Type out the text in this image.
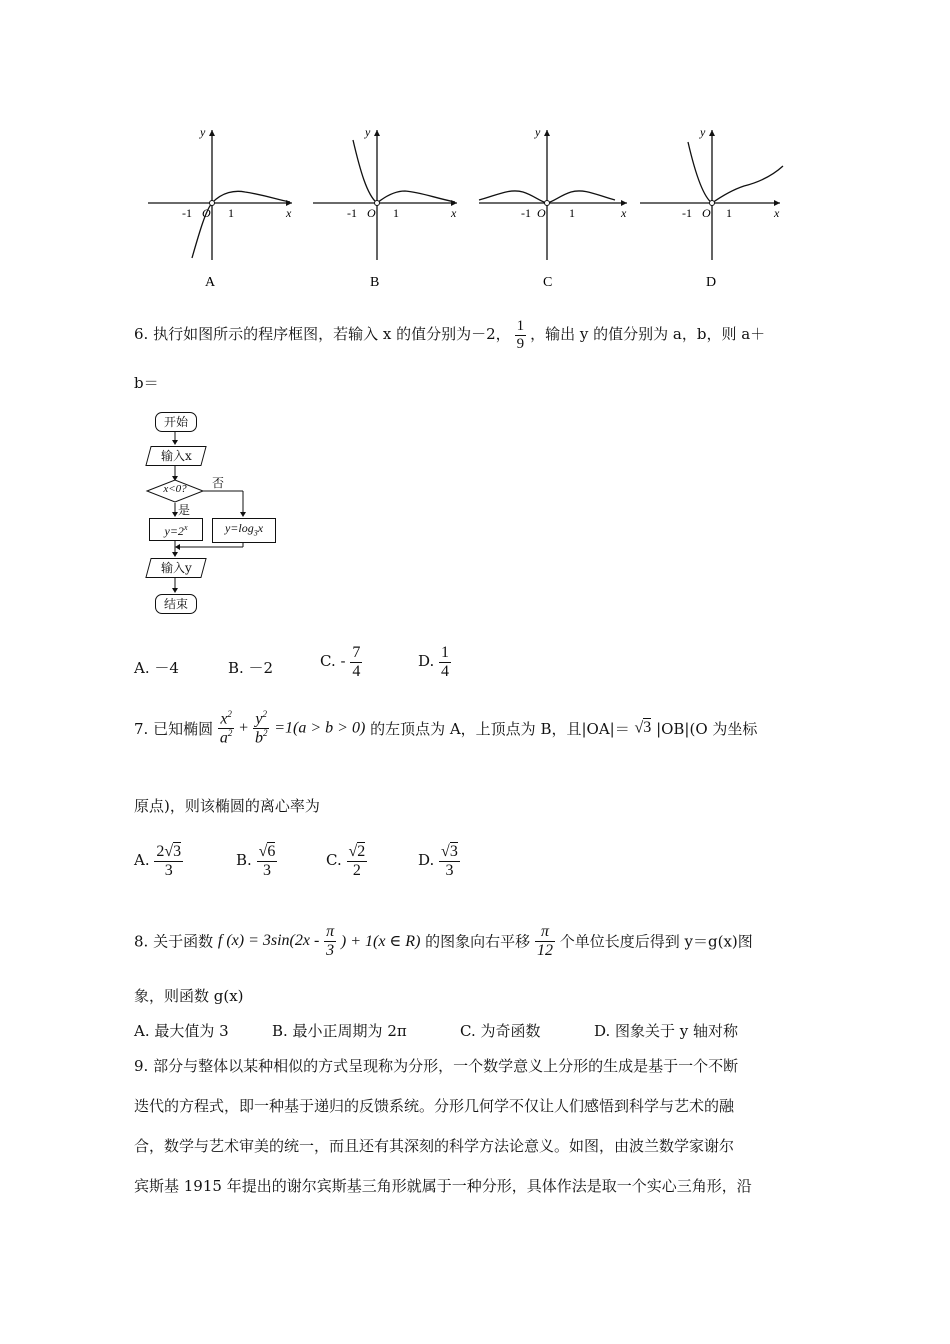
y
x
-1 O 1
A
y
x
-1 O 1
B
y
x
-1 O 1
C
y
x
-1 O 1
D
6. 执行如图所示的程序框图，若输入 x 的值分别为－2， $\frac{1}{9}$ ，输出 y 的值分别为 a，b，则 a＋
b＝
开始
输入x
x<0?	否
是
$y=2^x$	$y=\log_3x$
输入y
结束
A. －4	B. －2	C. - $\frac{7}{4}$	D. $\frac{1}{4}$
7. 已知椭圆 $\frac{x^2}{a^2} + \frac{y^2}{b^2} =1(a > b > 0)$ 的左顶点为 A，上顶点为 B，且|OA|＝ √3 |OB|(O 为坐标
原点)，则该椭圆的离心率为
A. $\frac{2√3}{3}$	B. $\frac{√6}{3}$	C. $\frac{√2}{2}$	D. $\frac{√3}{3}$
8. 关于函数 f $(x) = 3\sin(2x - \frac{\pi}{3}$ ) + 1(x ∈ R) 的图象向右平移 $\frac{\pi}{12}$ 个单位长度后得到 y＝g(x)图
象，则函数 g(x)
A. 最大值为 3	B. 最小正周期为 2π	C. 为奇函数	D. 图象关于 y 轴对称
9. 部分与整体以某种相似的方式呈现称为分形，一个数学意义上分形的生成是基于一个不断
迭代的方程式，即一种基于递归的反馈系统。分形几何学不仅让人们感悟到科学与艺术的融
合，数学与艺术审美的统一，而且还有其深刻的科学方法论意义。如图，由波兰数学家谢尔
宾斯基 1915 年提出的谢尔宾斯基三角形就属于一种分形，具体作法是取一个实心三角形，沿
